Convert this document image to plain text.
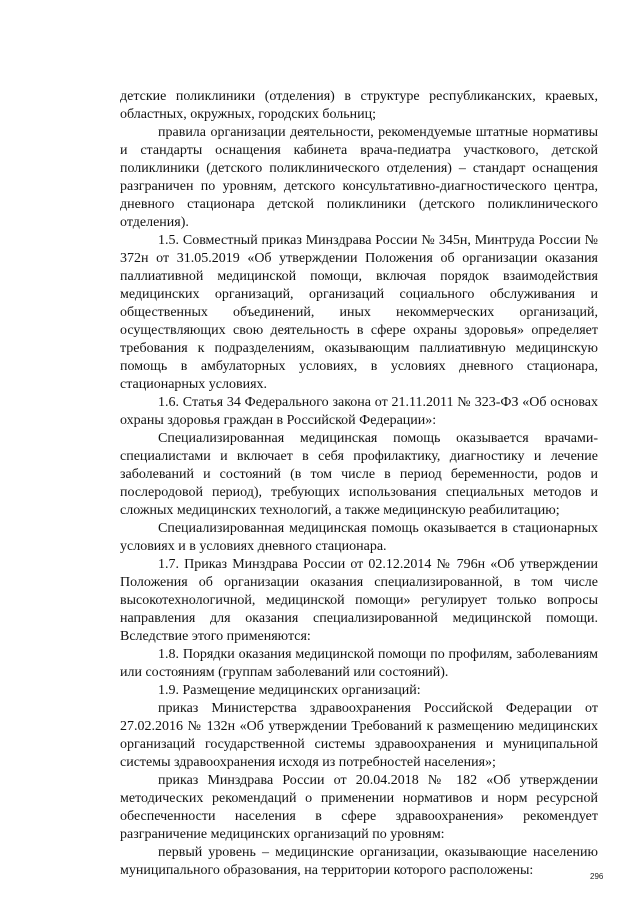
детские поликлиники (отделения) в структуре республиканских, краевых, областных, окружных, городских больниц;

правила организации деятельности, рекомендуемые штатные нормативы и стандарты оснащения кабинета врача-педиатра участкового, детской поликлиники (детского поликлинического отделения) – стандарт оснащения разграничен по уровням, детского консультативно-диагностического центра, дневного стационара детской поликлиники (детского поликлинического отделения).

1.5. Совместный приказ Минздрава России № 345н, Минтруда России № 372н от 31.05.2019 «Об утверждении Положения об организации оказания паллиативной медицинской помощи, включая порядок взаимодействия медицинских организаций, организаций социального обслуживания и общественных объединений, иных некоммерческих организаций, осуществляющих свою деятельность в сфере охраны здоровья» определяет требования к подразделениям, оказывающим паллиативную медицинскую помощь в амбулаторных условиях, в условиях дневного стационара, стационарных условиях.

1.6. Статья 34 Федерального закона от 21.11.2011 № 323-ФЗ «Об основах охраны здоровья граждан в Российской Федерации»:

Специализированная медицинская помощь оказывается врачами-специалистами и включает в себя профилактику, диагностику и лечение заболеваний и состояний (в том числе в период беременности, родов и послеродовой период), требующих использования специальных методов и сложных медицинских технологий, а также медицинскую реабилитацию;

Специализированная медицинская помощь оказывается в стационарных условиях и в условиях дневного стационара.

1.7. Приказ Минздрава России от 02.12.2014 № 796н «Об утверждении Положения об организации оказания специализированной, в том числе высокотехнологичной, медицинской помощи» регулирует только вопросы направления для оказания специализированной медицинской помощи. Вследствие этого применяются:

1.8. Порядки оказания медицинской помощи по профилям, заболеваниям или состояниям (группам заболеваний или состояний).

1.9. Размещение медицинских организаций:

приказ Министерства здравоохранения Российской Федерации от 27.02.2016 № 132н «Об утверждении Требований к размещению медицинских организаций государственной системы здравоохранения и муниципальной системы здравоохранения исходя из потребностей населения»;

приказ Минздрава России от 20.04.2018 № 182 «Об утверждении методических рекомендаций о применении нормативов и норм ресурсной обеспеченности населения в сфере здравоохранения» рекомендует разграничение медицинских организаций по уровням:

первый уровень – медицинские организации, оказывающие населению муниципального образования, на территории которого расположены:	296
